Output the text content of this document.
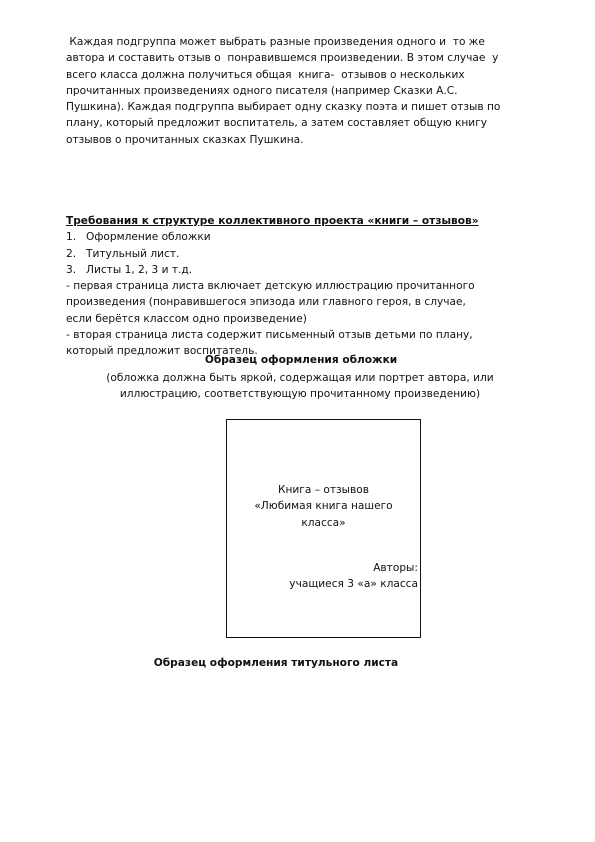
Каждая подгруппа может выбрать разные произведения одного и  то же

автора и составить отзыв о  понравившемся произведении. В этом случае  у

всего класса должна получиться общая  книга-  отзывов о нескольких

прочитанных произведениях одного писателя (например Сказки А.С.

Пушкина). Каждая подгруппа выбирает одну сказку поэта и пишет отзыв по

плану, который предложит воспитатель, а затем составляет общую книгу

отзывов о прочитанных сказках Пушкина.

Требования к структуре коллективного проекта «книги – отзывов»

1. Оформление обложки
2. Титульный лист.
3. Листы 1, 2, 3 и т.д.

- первая страница листа включает детскую иллюстрацию прочитанного

произведения (понравившегося эпизода или главного героя, в случае,

если берётся классом одно произведение)

- вторая страница листа содержит письменный отзыв детьми по плану,

который предложит воспитатель.

Образец оформления обложки

(обложка должна быть яркой, содержащая или портрет автора, или
иллюстрацию, соответствующую прочитанному произведению)
Книга – отзывов
«Любимая книга нашего
класса»
Авторы:
учащиеся 3 «а» класса

Образец оформления титульного листа
